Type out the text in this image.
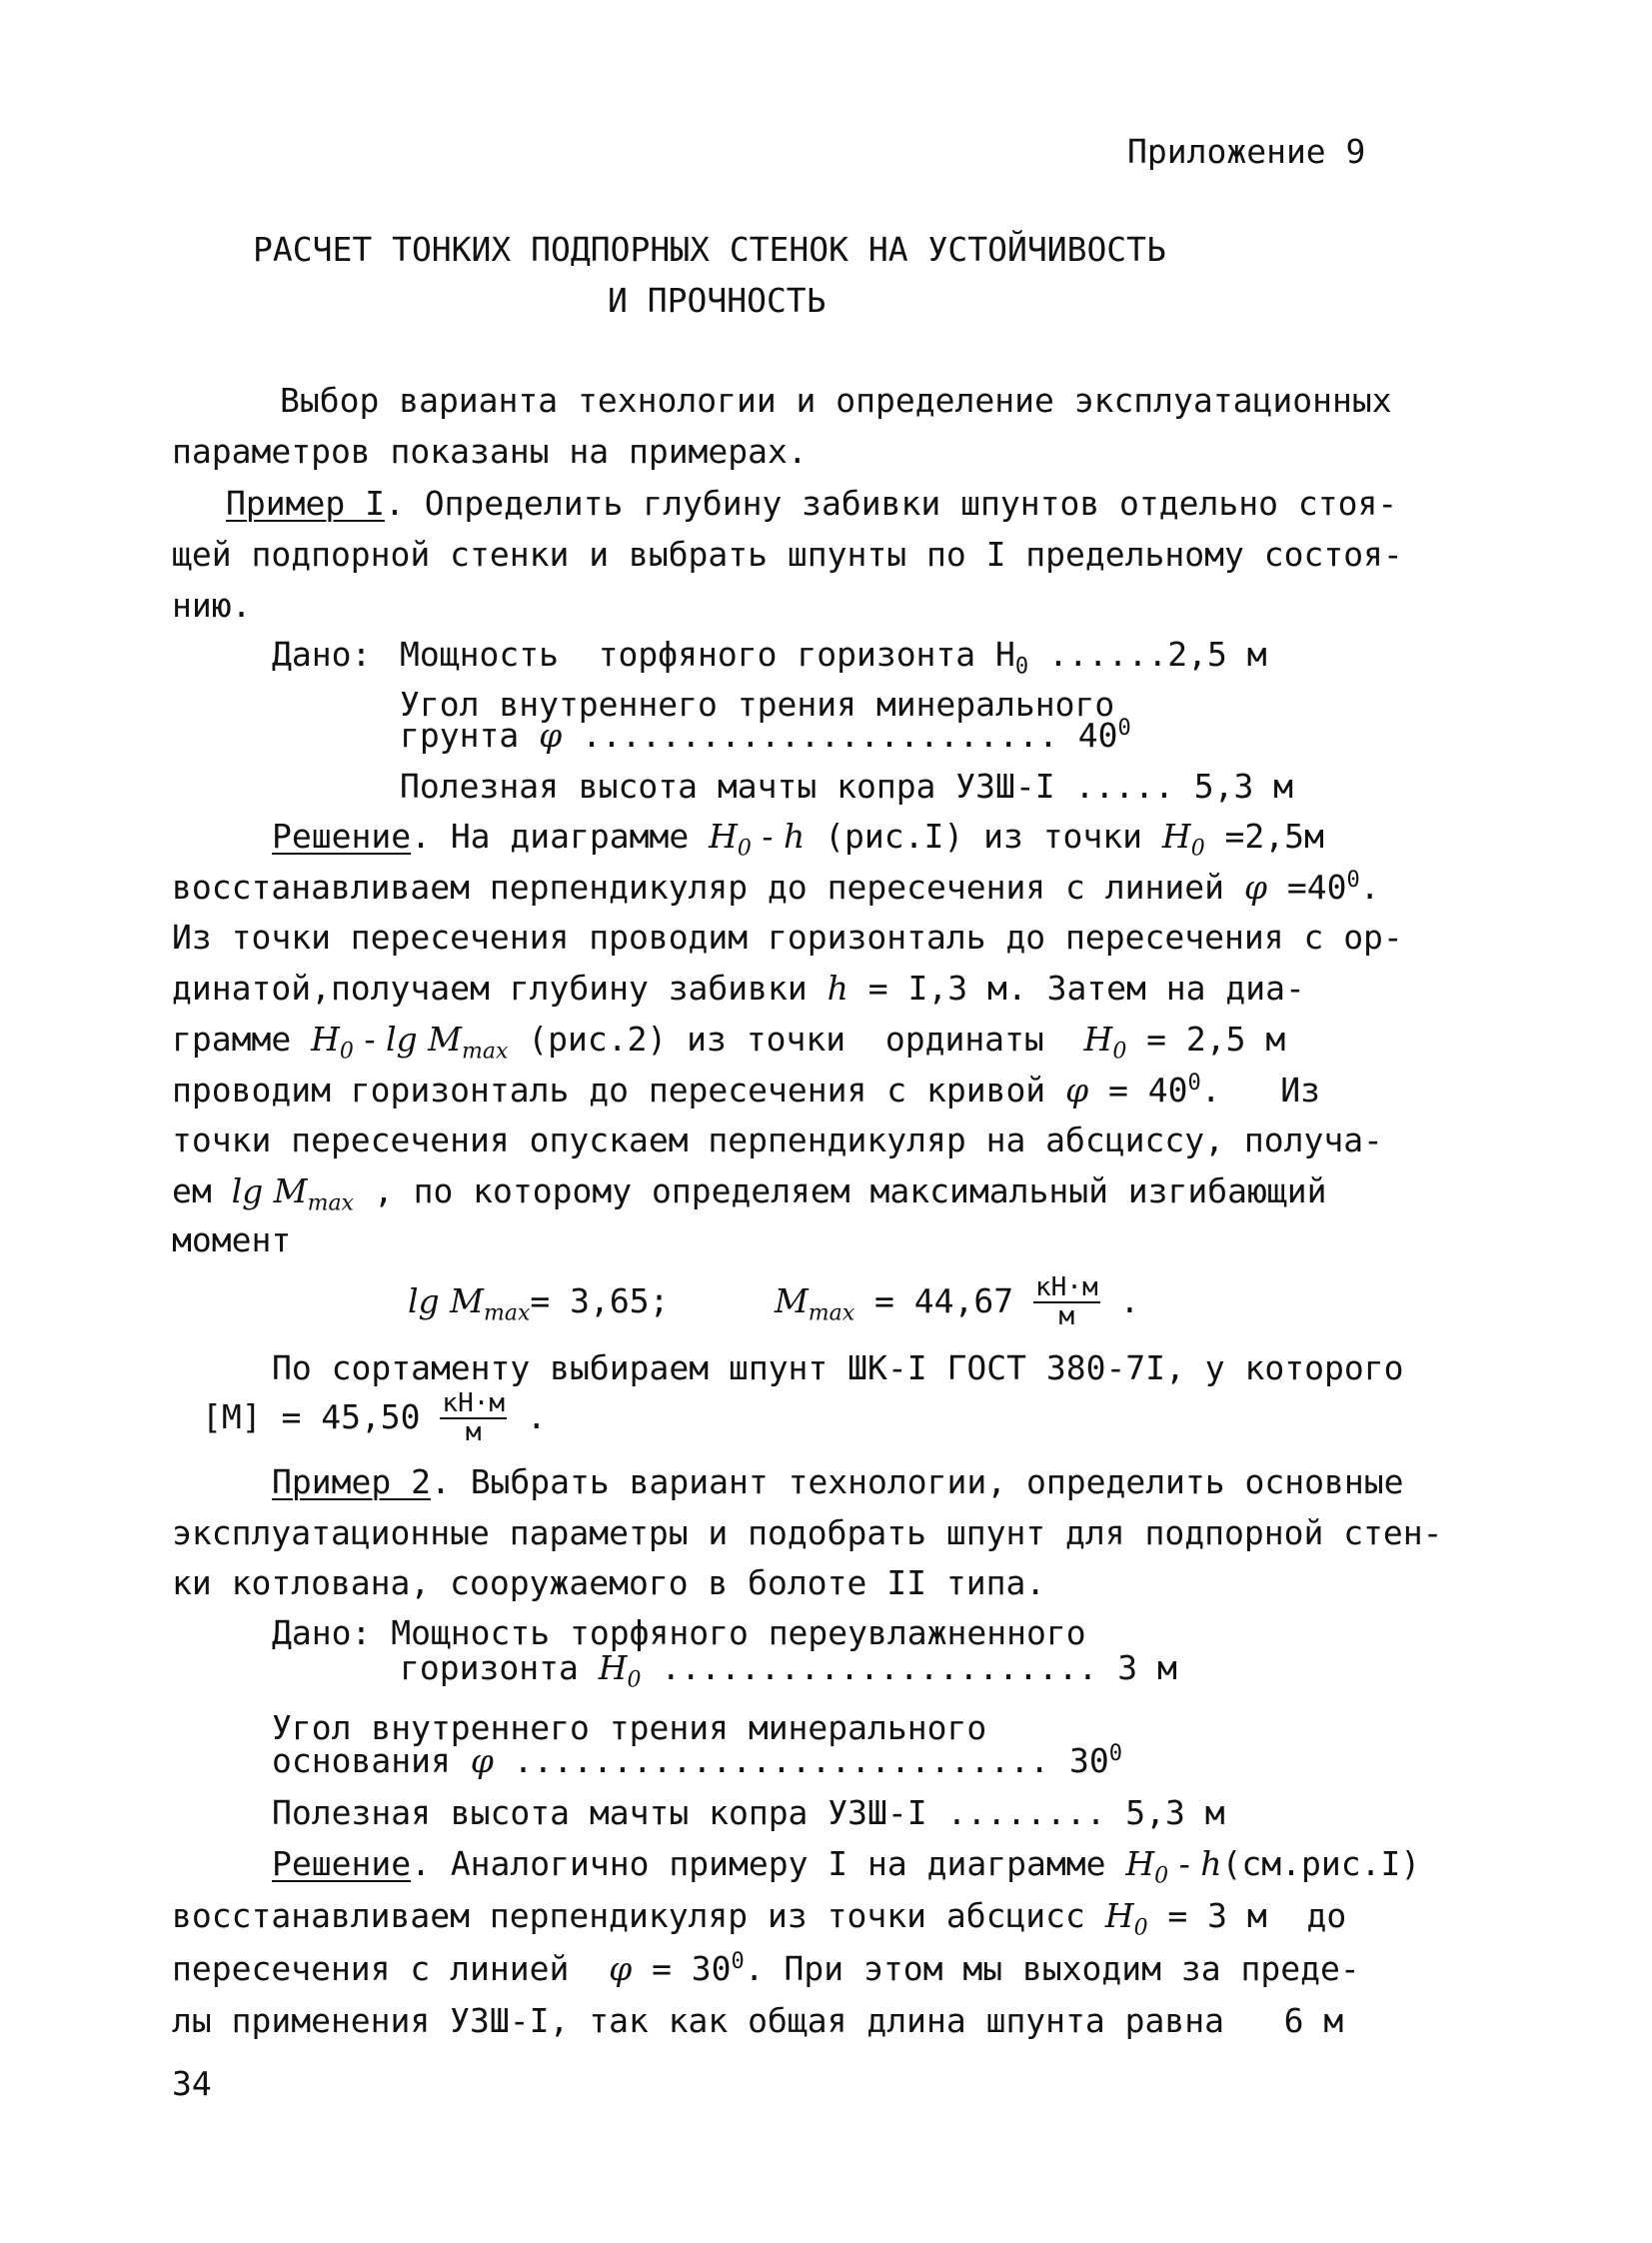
Приложение 9
РАСЧЕТ ТОНКИХ ПОДПОРНЫХ СТЕНОК НА УСТОЙЧИВОСТЬ
И ПРОЧНОСТЬ
Выбор варианта технологии и определение эксплуатационных
параметров показаны на примерах.
Пример I. Определить глубину забивки шпунтов отдельно стоя-
щей подпорной стенки и выбрать шпунты по I предельному состоя-
нию.
Дано: Мощность  торфяного горизонта $H_0$ ......2,5 м
Угол внутреннего трения минерального
грунта φ ........................ $40^0$
Полезная высота мачты копра УЗШ-I ..... 5,3 м
Решение. На диаграмме $H_0$ - h (рис.I) из точки $H_0 =2,5м$
восстанавливаем перпендикуляр до пересечения с линией $\varphi =40^0$.
Из точки пересечения проводим горизонталь до пересечения с ор-
динатой,получаем глубину забивки h = I,3 м. Затем на диа-
грамме $H_0$ - $\lg M_{max}$ (рис.2) из точки  ординаты  $H_0 = 2,5$ м
проводим горизонталь до пересечения с кривой $\varphi = 40^0$.   Из
точки пересечения опускаем перпендикуляр на абсциссу, получа-
ем $\lg M_{max}$ , по которому определяем максимальный изгибающий
момент
$\lg M_{max}= 3,65$;	$M_{max} = 44,67 \frac{кН\cdot м}{м}$ .
По сортаменту выбираем шпунт ШК-I ГОСТ 380-7I, у которого
$[M] = 45,50 \frac{кН\cdot м}{м}$ .
Пример 2. Выбрать вариант технологии, определить основные
эксплуатационные параметры и подобрать шпунт для подпорной стен-
ки котлована, сооружаемого в болоте II типа.
Дано: Мощность торфяного переувлажненного
горизонта $H_0$ ...................... 3 м
Угол внутреннего трения минерального
основания φ ........................... $30^0$
Полезная высота мачты копра УЗШ-I ........ 5,3 м
Решение. Аналогично примеру I на диаграмме $H_0 - h(см.рис.I)$
восстанавливаем перпендикуляр из точки абсцисс $H_0 = 3$ м  до
пересечения с линией  $\varphi = 30^0$. При этом мы выходим за преде-
лы применения УЗШ-I, так как общая длина шпунта равна   6 м
34
